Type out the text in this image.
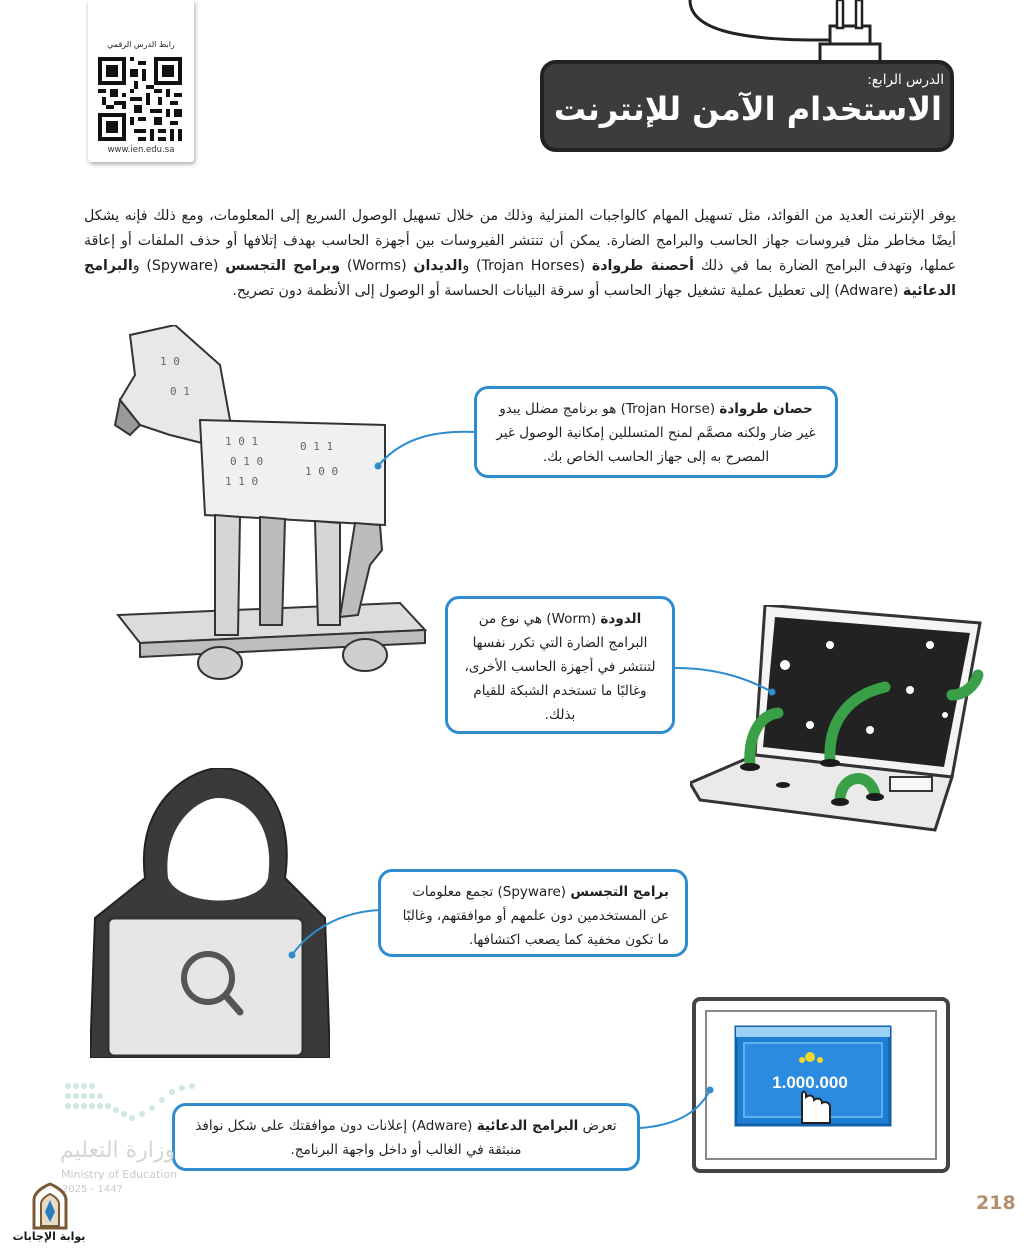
رابط الدرس الرقمي
www.ien.edu.sa
الدرس الرابع:
الاستخدام الآمن للإنترنت

يوفر الإنترنت العديد من الفوائد، مثل تسهيل المهام كالواجبات المنزلية وذلك من خلال تسهيل الوصول السريع إلى المعلومات، ومع ذلك فإنه يشكل أيضًا مخاطر مثل فيروسات جهاز الحاسب والبرامج الضارة. يمكن أن تنتشر الفيروسات بين أجهزة الحاسب بهدف إتلافها أو حذف الملفات أو إعاقة عملها، وتهدف البرامج الضارة بما في ذلك أحصنة طروادة (Trojan Horses) والديدان (Worms) وبرامج التجسس (Spyware) والبرامج الدعائية (Adware) إلى تعطيل عملية تشغيل جهاز الحاسب أو سرقة البيانات الحساسة أو الوصول إلى الأنظمة دون تصريح.

1 0 1
0 1 0
1 1 0
0 1 1
1 0 0
1 0
0 1
1.000.000
حصان طروادة (Trojan Horse) هو برنامج مضلل يبدو غير ضار ولكنه مصمَّم لمنح المتسللين إمكانية الوصول غير المصرح به إلى جهاز الحاسب الخاص بك.
الدودة (Worm) هي نوع من البرامج الضارة التي تكرر نفسها لتنتشر في أجهزة الحاسب الأخرى، وغالبًا ما تستخدم الشبكة للقيام بذلك.
برامج التجسس (Spyware) تجمع معلومات عن المستخدمين دون علمهم أو موافقتهم، وغالبًا ما تكون مخفية كما يصعب اكتشافها.
تعرض البرامج الدعائية (Adware) إعلانات دون موافقتك على شكل نوافذ منبثقة في الغالب أو داخل واجهة البرنامج.
وزارة التعليم
Ministry of Education
2025 - 1447
بوابة الإجابات
218
